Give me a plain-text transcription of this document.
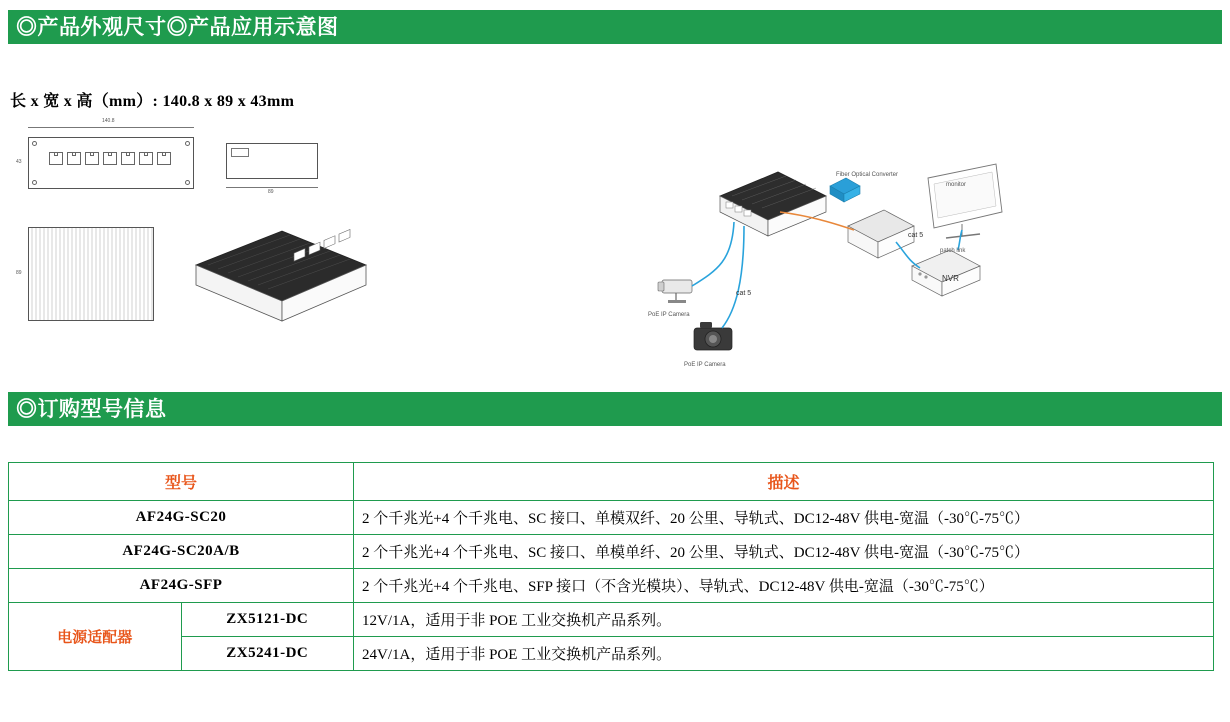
◎产品外观尺寸◎产品应用示意图
长 x 宽 x 高（mm）: 140.8 x 89 x 43mm
140.8
43
89
89
Fiber Optical Converter
monitor
cat 5
cat 5
patch link
NVR
PoE IP Camera
PoE IP Camera
◎订购型号信息
型号		描述
AF24G-SC20		2 个千兆光+4 个千兆电、SC 接口、单模双纤、20 公里、导轨式、DC12-48V 供电-宽温（-30℃-75℃）
AF24G-SC20A/B		2 个千兆光+4 个千兆电、SC 接口、单模单纤、20 公里、导轨式、DC12-48V 供电-宽温（-30℃-75℃）
AF24G-SFP		2 个千兆光+4 个千兆电、SFP 接口（不含光模块）、导轨式、DC12-48V 供电-宽温（-30℃-75℃）
电源适配器	ZX5121-DC	12V/1A，适用于非 POE 工业交换机产品系列。
	ZX5241-DC	24V/1A，适用于非 POE 工业交换机产品系列。
